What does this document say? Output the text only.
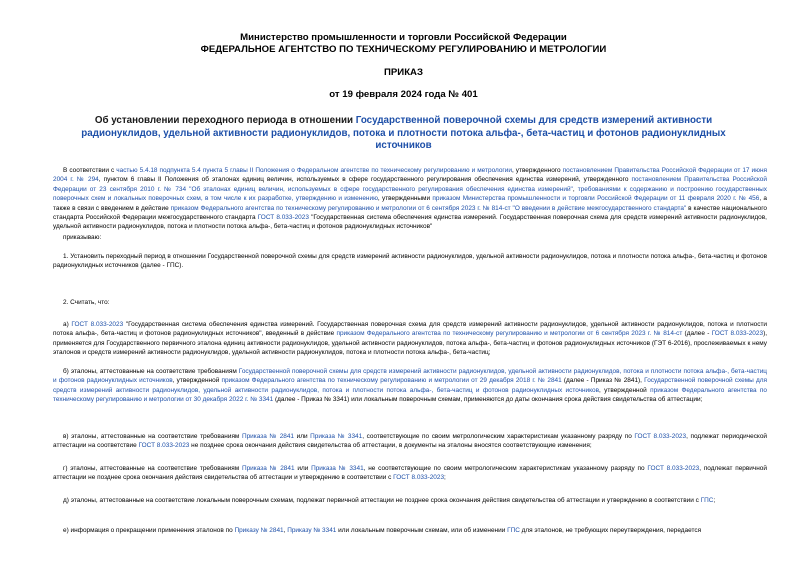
Министерство промышленности и торговли Российской Федерации
ФЕДЕРАЛЬНОЕ АГЕНТСТВО ПО ТЕХНИЧЕСКОМУ РЕГУЛИРОВАНИЮ И МЕТРОЛОГИИ
ПРИКАЗ
от 19 февраля 2024 года № 401
Об установлении переходного периода в отношении Государственной поверочной схемы для средств измерений активности радионуклидов, удельной активности радионуклидов, потока и плотности потока альфа-, бета-частиц и фотонов радионуклидных источников
В соответствии с частью 5.4.18 подпункта 5.4 пункта 5 главы II Положения о Федеральном агентстве по техническому регулированию и метрологии, утвержденного постановлением Правительства Российской Федерации от 17 июня 2004 г. № 294, пунктом 6 главы II Положения об эталонах единиц величин, используемых в сфере государственного регулирования обеспечения единства измерений, утвержденного постановлением Правительства Российской Федерации от 23 сентября 2010 г. № 734 "Об эталонах единиц величин, используемых в сфере государственного регулирования обеспечения единства измерений", требованиями к содержанию и построению государственных поверочных схем и локальных поверочных схем, в том числе к их разработке, утверждению и изменению, утвержденными приказом Министерства промышленности и торговли Российской Федерации от 11 февраля 2020 г. № 456, а также в связи с введением в действие приказом Федерального агентства по техническому регулированию и метрологии от 6 сентября 2023 г. № 814-ст "О введении в действие межгосударственного стандарта" в качестве национального стандарта Российской Федерации межгосударственного стандарта ГОСТ 8.033-2023 "Государственная система обеспечения единства измерений. Государственная поверочная схема для средств измерений активности радионуклидов, удельной активности радионуклидов, потока и плотности потока альфа-, бета-частиц и фотонов радионуклидных источников"
приказываю:
1. Установить переходный период в отношении Государственной поверочной схемы для средств измерений активности радионуклидов, удельной активности радионуклидов, потока и плотности потока альфа-, бета-частиц и фотонов радионуклидных источников (далее - ГПС).
2. Считать, что:
а) ГОСТ 8.033-2023 "Государственная система обеспечения единства измерений. Государственная поверочная схема для средств измерений активности радионуклидов, удельной активности радионуклидов, потока и плотности потока альфа-, бета-частиц и фотонов радионуклидных источников", введенный в действие приказом Федерального агентства по техническому регулированию и метрологии от 6 сентября 2023 г. № 814-ст (далее - ГОСТ 8.033-2023), применяется для Государственного первичного эталона единиц активности радионуклидов, удельной активности радионуклидов, потока альфа-, бета-частиц и фотонов радионуклидных источников (ГЭТ 6-2016), прослеживаемых к нему эталонов и средств измерений активности радионуклидов, удельной активности радионуклидов, потока и плотности потока альфа-, бета-частиц;
б) эталоны, аттестованные на соответствие требованиям Государственной поверочной схемы для средств измерений активности радионуклидов, удельной активности радионуклидов, потока и плотности потока альфа-, бета-частиц и фотонов радионуклидных источников, утвержденной приказом Федерального агентства по техническому регулированию и метрологии от 29 декабря 2018 г. № 2841 (далее - Приказ № 2841), Государственной поверочной схемы для средств измерений активности радионуклидов, удельной активности радионуклидов, потока и плотности потока альфа-, бета-частиц и фотонов радионуклидных источников, утвержденной приказом Федерального агентства по техническому регулированию и метрологии от 30 декабря 2022 г. № 3341 (далее - Приказ № 3341) или локальным поверочным схемам, применяются до даты окончания срока действия свидетельства об аттестации;
в) эталоны, аттестованные на соответствие требованиям Приказа № 2841 или Приказа № 3341, соответствующие по своим метрологическим характеристикам указанному разряду по ГОСТ 8.033-2023, подлежат периодической аттестации на соответствие ГОСТ 8.033-2023 не позднее срока окончания действия свидетельства об аттестации, в документы на эталоны вносятся соответствующие изменения;
г) эталоны, аттестованные на соответствие требованиям Приказа № 2841 или Приказа № 3341, не соответствующие по своим метрологическим характеристикам указанному разряду по ГОСТ 8.033-2023, подлежат первичной аттестации не позднее срока окончания действия свидетельства об аттестации и утверждению в соответствии с ГОСТ 8.033-2023;
д) эталоны, аттестованные на соответствие локальным поверочным схемам, подлежат первичной аттестации не позднее срока окончания действия свидетельства об аттестации и утверждению в соответствии с ГПС;
е) информация о прекращении применения эталонов по Приказу № 2841, Приказу № 3341 или локальным поверочным схемам, или об изменении ГПС для эталонов, не требующих переутверждения, передается
